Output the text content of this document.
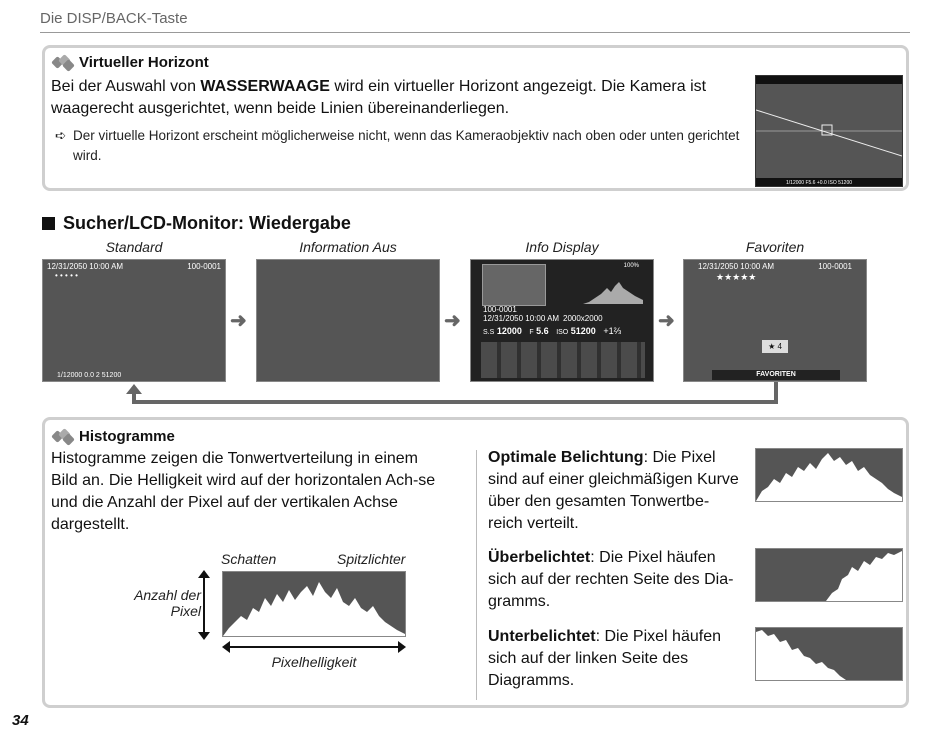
Die DISP/BACK-Taste
Virtueller Horizont
Bei der Auswahl von WASSERWAAGE wird ein virtueller Horizont angezeigt. Die Kamera ist waagerecht ausgerichtet, wenn beide Linien übereinanderliegen.
➪ Der virtuelle Horizont erscheint möglicherweise nicht, wenn das Kameraobjektiv nach oben oder unten gerichtet wird.
1/12000 F5.6 +0.0 ISO 51200
Sucher/LCD-Monitor: Wiedergabe
Standard	Information Aus	Info Display	Favoriten
12/31/2050 10:00 AM	100-0001
• • • • •
1/12000 0.0 2 51200
➜	➜
100%
100-0001
12/31/2050 10:00 AM 2000x2000
S.S 12000 F 5.6 ISO 51200 +1⅔ ➜
12/31/2050 10:00 AM	100-0001
★★★★★
★ 4
FAVORITEN
Histogramme
Histogramme zeigen die Tonwertverteilung in einem Bild an. Die Helligkeit wird auf der horizontalen Ach-se und die Anzahl der Pixel auf der vertikalen Achse dargestellt.
Schatten	Spitzlichter
Anzahl der Pixel
Pixelhelligkeit
Optimale Belichtung: Die Pixel sind auf einer gleichmäßigen Kurve über den gesamten Tonwertbe-reich verteilt.
Überbelichtet: Die Pixel häufen sich auf der rechten Seite des Dia-gramms.
Unterbelichtet: Die Pixel häufen sich auf der linken Seite des Diagramms.
34
